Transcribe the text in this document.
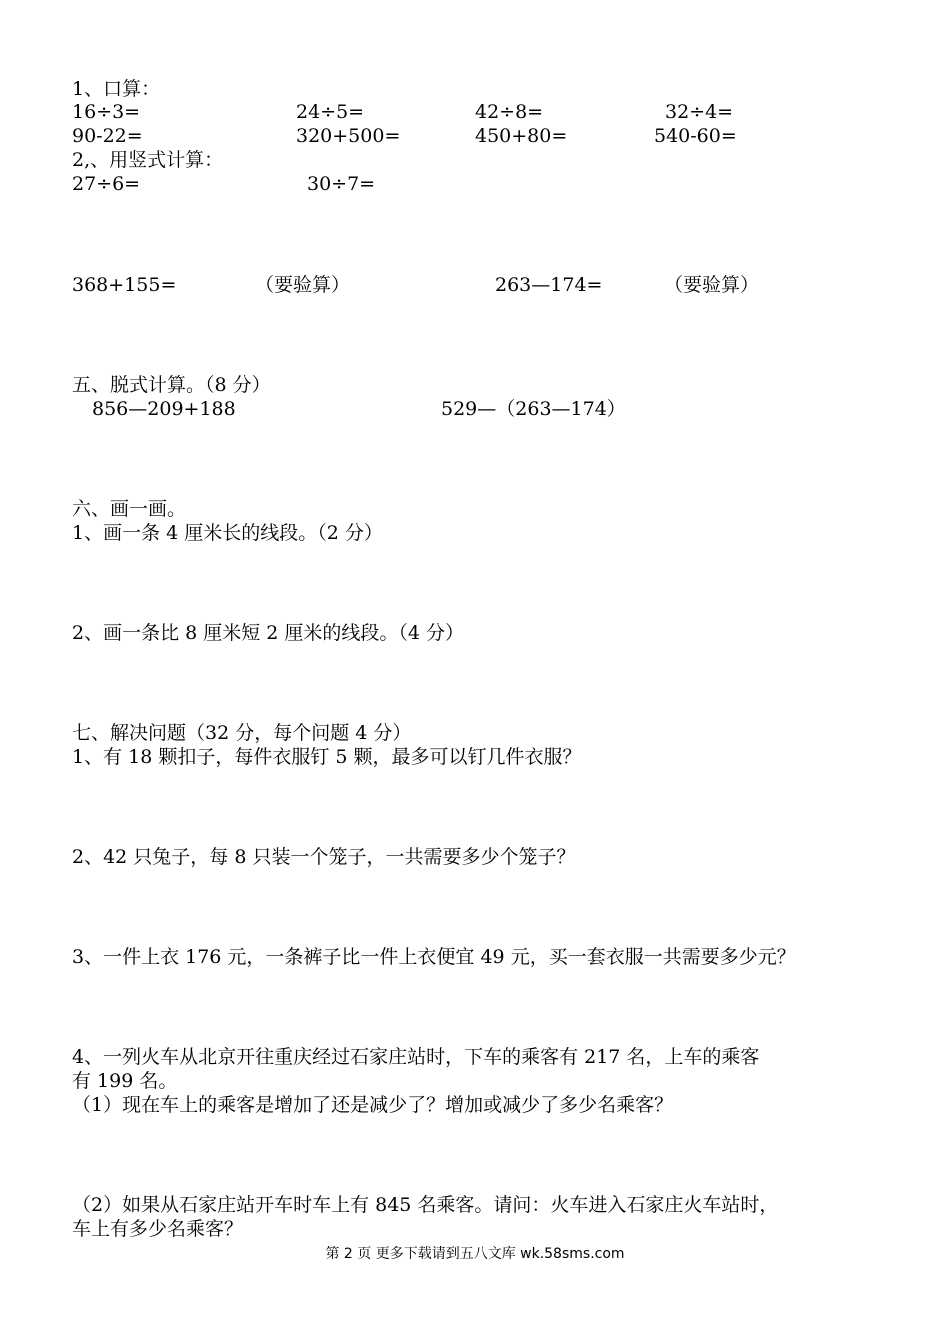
1、口算：
16÷3=	24÷5=	42÷8=	32÷4=
90-22=	320+500=	450+80=	540-60=
2,、用竖式计算：
27÷6=	30÷7=
368+155=	（要验算）	263—174=	（要验算）
五、脱式计算。（8 分）
856—209+188	529—（263—174）
六、画一画。
1、画一条 4 厘米长的线段。（2 分）
2、画一条比 8 厘米短 2 厘米的线段。（4 分）
七、解决问题（32 分，每个问题 4 分）
1、有 18 颗扣子，每件衣服钉 5 颗，最多可以钉几件衣服？
2、42 只兔子，每 8 只装一个笼子，一共需要多少个笼子？
3、一件上衣 176 元，一条裤子比一件上衣便宜 49 元，买一套衣服一共需要多少元？
4、一列火车从北京开往重庆经过石家庄站时，下车的乘客有 217 名，上车的乘客
有 199 名。
（1）现在车上的乘客是增加了还是减少了？增加或减少了多少名乘客？
（2）如果从石家庄站开车时车上有 845 名乘客。请问：火车进入石家庄火车站时，
车上有多少名乘客？
第 2 页 更多下载请到五八文库 wk.58sms.com
